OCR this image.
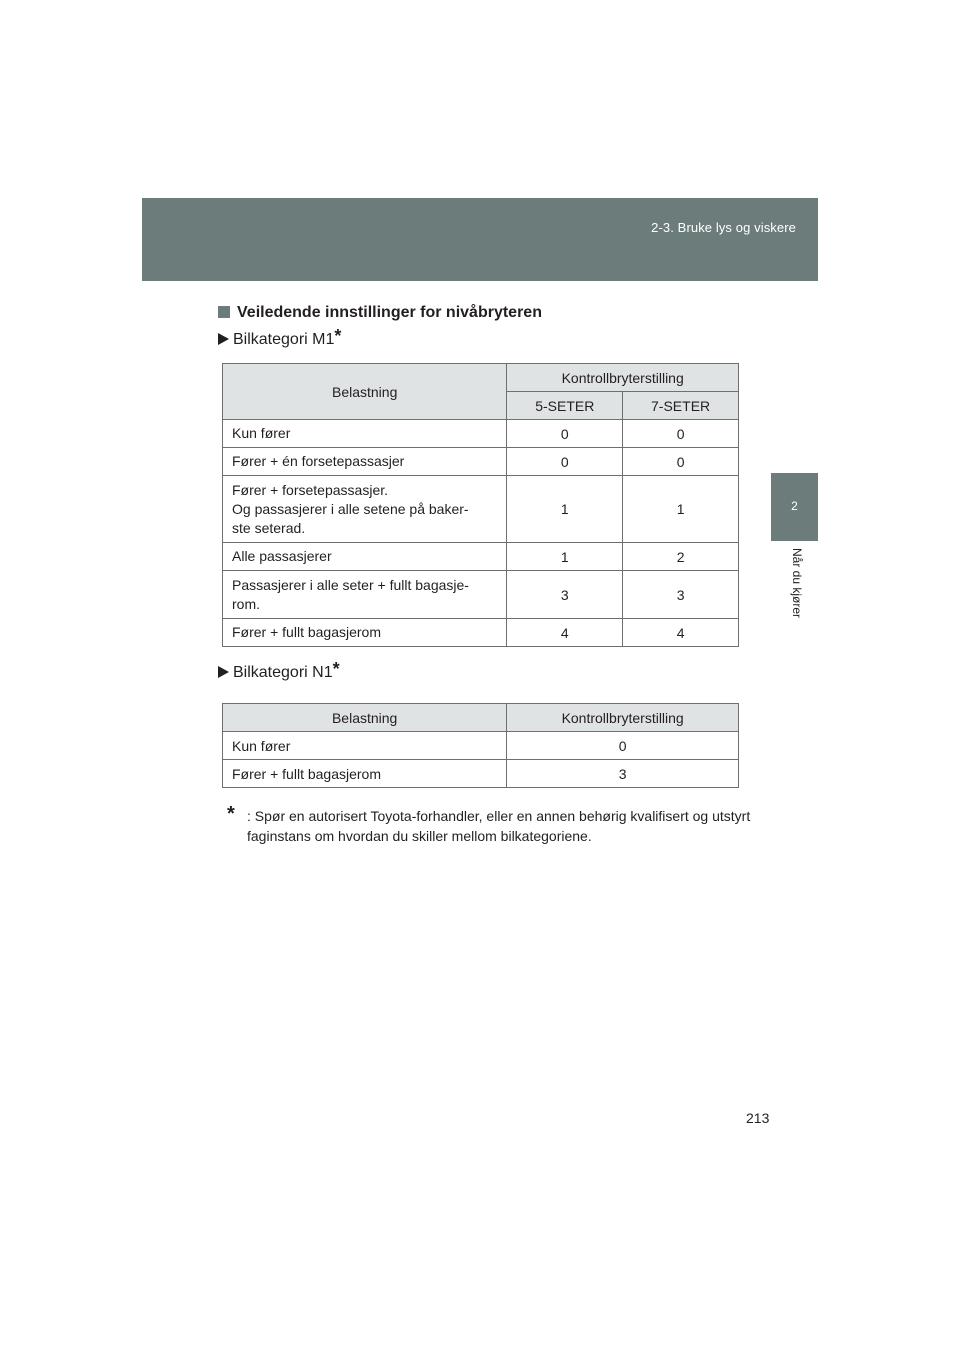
2-3. Bruke lys og viskere
2
Når du kjører
Veiledende innstillinger for nivåbryteren
Bilkategori M1*
Belastning	Kontrollbryterstilling	
	5-SETER	7-SETER
Kun fører	0	0
Fører + én forsetepassasjer	0	0
Fører + forsetepassasjer.
Og passasjerer i alle setene på baker-
ste seterad.	1	1
Alle passasjerer	1	2
Passasjerer i alle seter + fullt bagasje-
rom.	3	3
Fører + fullt bagasjerom	4	4
Bilkategori N1*
Belastning	Kontrollbryterstilling
Kun fører	0
Fører + fullt bagasjerom	3
* : Spør en autorisert Toyota-forhandler, eller en annen behørig kvalifisert og utstyrt faginstans om hvordan du skiller mellom bilkategoriene.
213
